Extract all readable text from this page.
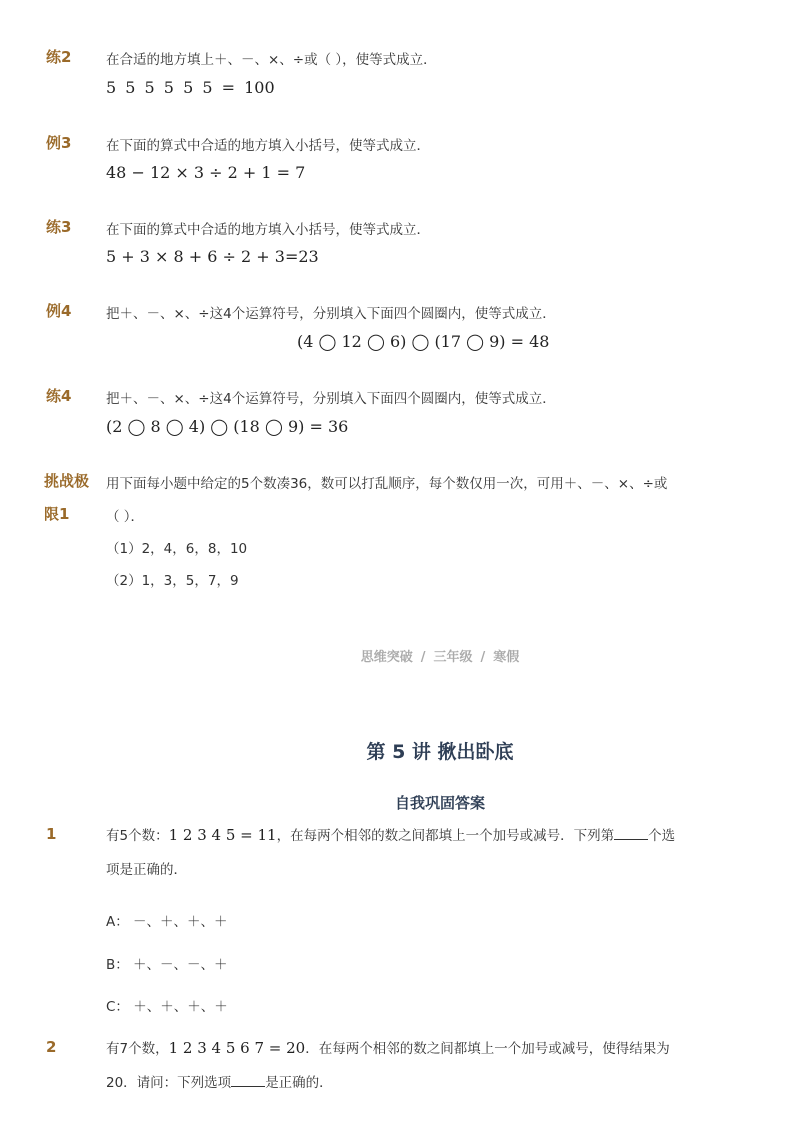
练2	在合适的地方填上＋、－、×、÷或（ ），使等式成立．
5 5 5 5 5 5 = 100
例3	在下面的算式中合适的地方填入小括号，使等式成立．
48 − 12 × 3 ÷ 2 + 1 = 7
练3	在下面的算式中合适的地方填入小括号，使等式成立．
5 + 3 × 8 + 6 ÷ 2 + 3=23
例4	把＋、－、×、÷这4个运算符号，分别填入下面四个圆圈内，使等式成立．
(4 ◯ 12 ◯ 6) ◯ (17 ◯ 9) = 48
练4	把＋、－、×、÷这4个运算符号，分别填入下面四个圆圈内，使等式成立．
(2 ◯ 8 ◯ 4) ◯ (18 ◯ 9) = 36
挑战极
限1
用下面每小题中给定的5个数凑36，数可以打乱顺序，每个数仅用一次，可用＋、－、×、÷或
（ ）．
（1）2，4，6，8，10
（2）1，3，5，7，9
思维突破 / 三年级 / 寒假
第 5 讲 揪出卧底
自我巩固答案
1	有5个数：1 2 3 4 5 = 11，在每两个相邻的数之间都填上一个加号或减号．下列第	个选
项是正确的．
A： －、＋、＋、＋
B： ＋、－、－、＋
C： ＋、＋、＋、＋
2	有7个数，1 2 3 4 5 6 7 = 20．在每两个相邻的数之间都填上一个加号或减号，使得结果为
20．请问：下列选项	是正确的．
